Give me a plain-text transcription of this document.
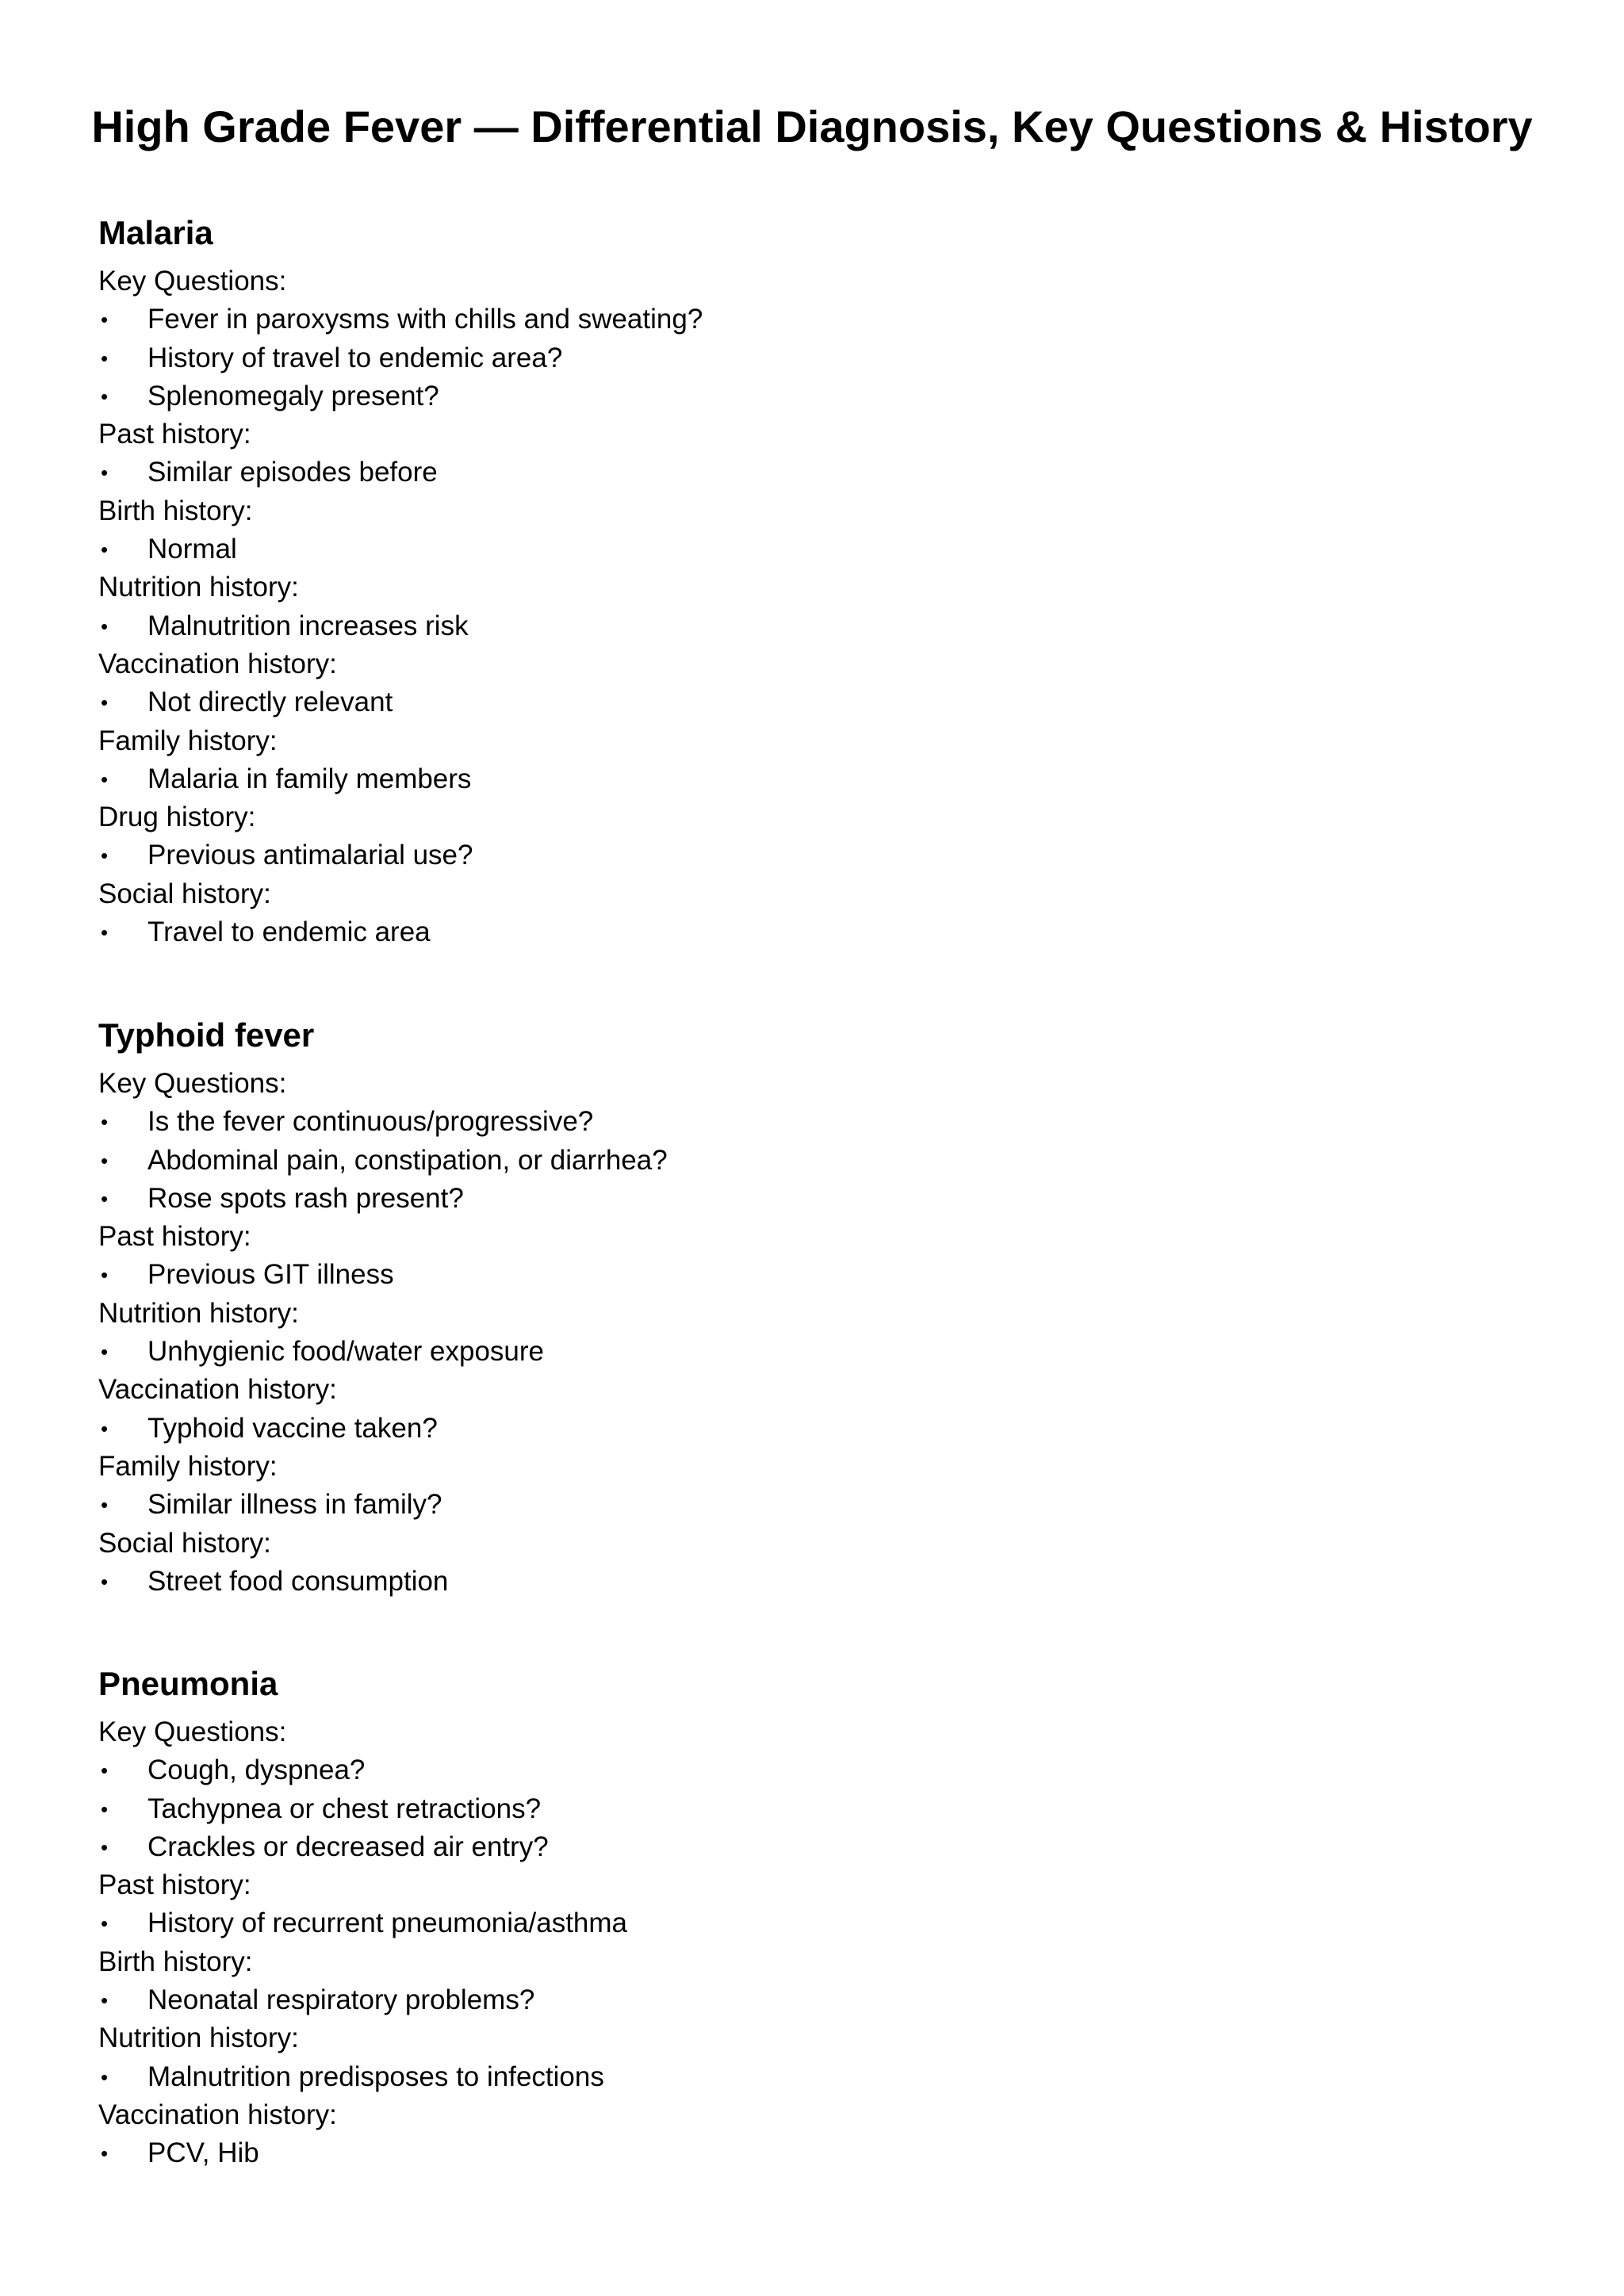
High Grade Fever — Differential Diagnosis, Key Questions & History
Malaria
Key Questions:
• Fever in paroxysms with chills and sweating?
• History of travel to endemic area?
• Splenomegaly present?
Past history:
• Similar episodes before
Birth history:
• Normal
Nutrition history:
• Malnutrition increases risk
Vaccination history:
• Not directly relevant
Family history:
• Malaria in family members
Drug history:
• Previous antimalarial use?
Social history:
• Travel to endemic area
Typhoid fever
Key Questions:
• Is the fever continuous/progressive?
• Abdominal pain, constipation, or diarrhea?
• Rose spots rash present?
Past history:
• Previous GIT illness
Nutrition history:
• Unhygienic food/water exposure
Vaccination history:
• Typhoid vaccine taken?
Family history:
• Similar illness in family?
Social history:
• Street food consumption
Pneumonia
Key Questions:
• Cough, dyspnea?
• Tachypnea or chest retractions?
• Crackles or decreased air entry?
Past history:
• History of recurrent pneumonia/asthma
Birth history:
• Neonatal respiratory problems?
Nutrition history:
• Malnutrition predisposes to infections
Vaccination history:
• PCV, Hib
